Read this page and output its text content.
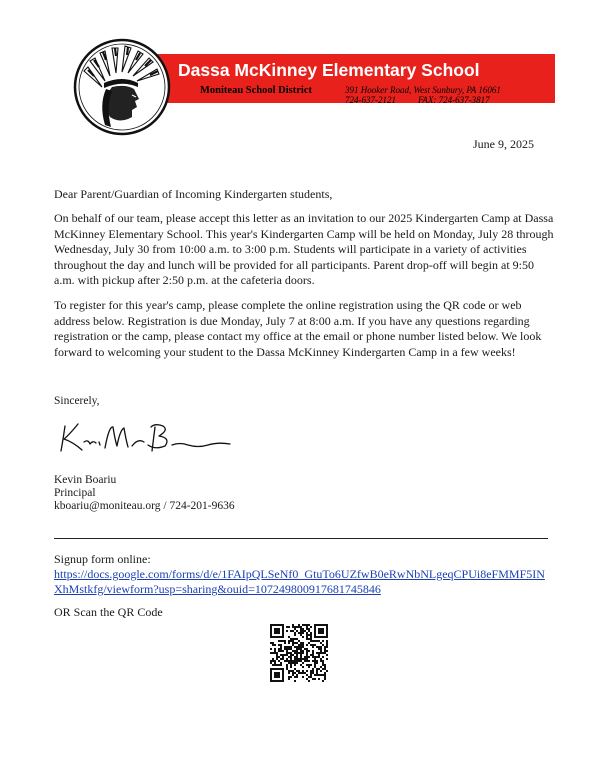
Dassa McKinney Elementary School
Moniteau School District	391 Hooker Road, West Sunbury, PA 16061
724-637-2121 FAX: 724-637-3817
June 9, 2025

Dear Parent/Guardian of Incoming Kindergarten students,

On behalf of our team, please accept this letter as an invitation to our 2025 Kindergarten Camp at Dassa McKinney Elementary School. This year's Kindergarten Camp will be held on Monday, July 28 through Wednesday, July 30 from 10:00 a.m. to 3:00 p.m. Students will participate in a variety of activities throughout the day and lunch will be provided for all participants. Parent drop-off will begin at 9:50 a.m. with pickup after 2:50 p.m. at the cafeteria doors.

To register for this year's camp, please complete the online registration using the QR code or web address below. Registration is due Monday, July 7 at 8:00 a.m. If you have any questions regarding registration or the camp, please contact my office at the email or phone number listed below. We look forward to welcoming your student to the Dassa McKinney Kindergarten Camp in a few weeks!

Sincerely,
Kevin Boariu
Principal
kboariu@moniteau.org / 724-201-9636
Signup form online:
https://docs.google.com/forms/d/e/1FAIpQLSeNf0_GtuTo6UZfwB0eRwNbNLgeqCPUi8eFMMF5INXhMstkfg/viewform?usp=sharing&ouid=107249800917681745846
OR Scan the QR Code
